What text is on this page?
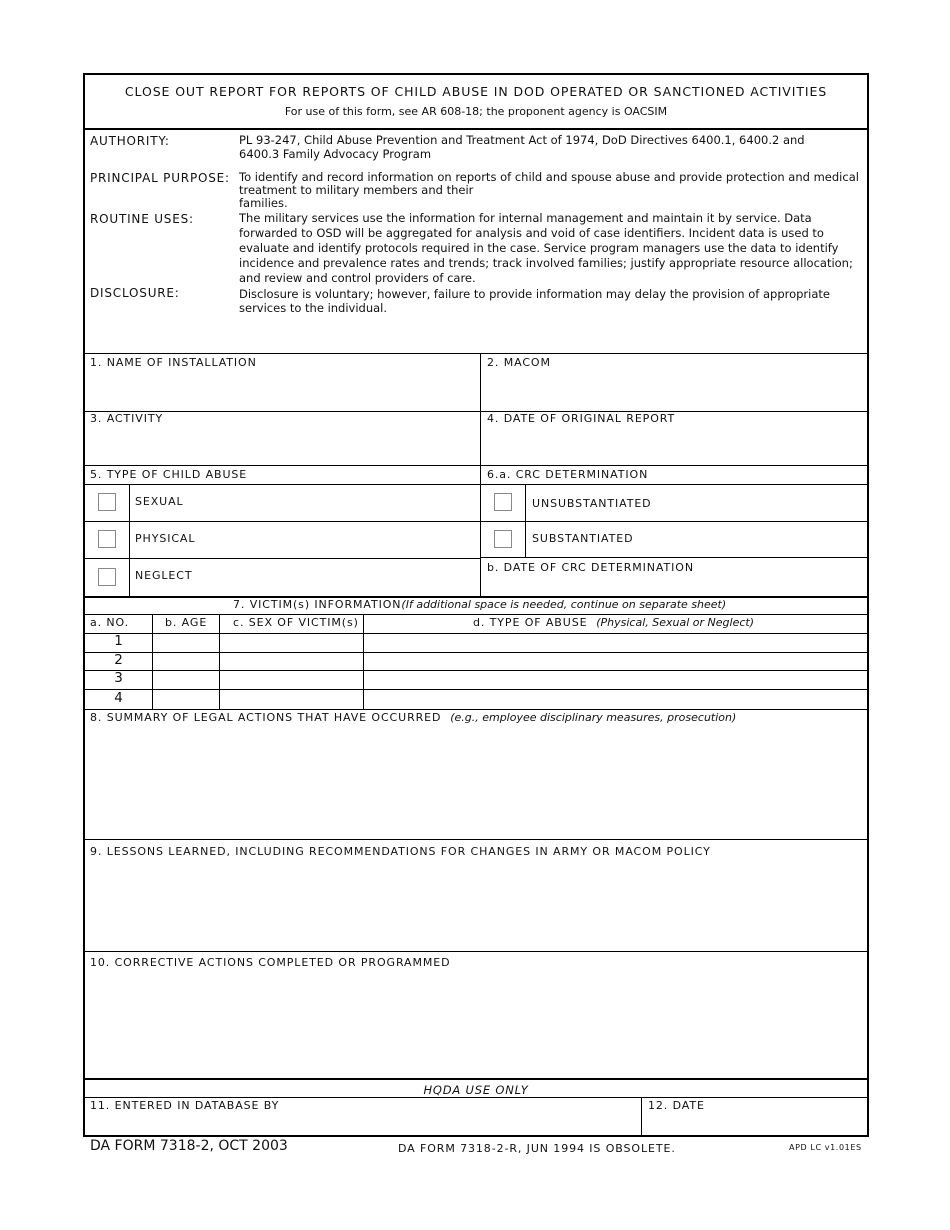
CLOSE OUT REPORT FOR REPORTS OF CHILD ABUSE IN DOD OPERATED OR SANCTIONED ACTIVITIES
For use of this form, see AR 608-18; the proponent agency is OACSIM
AUTHORITY:	PL 93-247, Child Abuse Prevention and Treatment Act of 1974, DoD Directives 6400.1, 6400.2 and 6400.3 Family Advocacy Program
PRINCIPAL PURPOSE: To identify and record information on reports of child and spouse abuse and provide protection and medical
treatment to military members and their
families.
ROUTINE USES:	The military services use the information for internal management and maintain it by service. Data forwarded to OSD will be aggregated for analysis and void of case identifiers. Incident data is used to evaluate and identify protocols required in the case. Service program managers use the data to identify incidence and prevalence rates and trends; track involved families; justify appropriate resource allocation; and review and control providers of care.
DISCLOSURE:	Disclosure is voluntary; however, failure to provide information may delay the provision of appropriate services to the individual.
1. NAME OF INSTALLATION	2. MACOM
3. ACTIVITY	4. DATE OF ORIGINAL REPORT
5. TYPE OF CHILD ABUSE	6.a. CRC DETERMINATION
SEXUAL
PHYSICAL
NEGLECT
UNSUBSTANTIATED
SUBSTANTIATED
b. DATE OF CRC DETERMINATION
7. VICTIM(s) INFORMATION(If additional space is needed, continue on separate sheet)
a. NO.	b. AGE c. SEX OF VICTIM(s)	d. TYPE OF ABUSE (Physical, Sexual or Neglect)
1
2
3
4
8. SUMMARY OF LEGAL ACTIONS THAT HAVE OCCURRED (e.g., employee disciplinary measures, prosecution)
9. LESSONS LEARNED, INCLUDING RECOMMENDATIONS FOR CHANGES IN ARMY OR MACOM POLICY
10. CORRECTIVE ACTIONS COMPLETED OR PROGRAMMED
HQDA USE ONLY
11. ENTERED IN DATABASE BY	12. DATE
DA FORM 7318-2, OCT 2003	DA FORM 7318-2-R, JUN 1994 IS OBSOLETE.	APD LC v1.01ES
